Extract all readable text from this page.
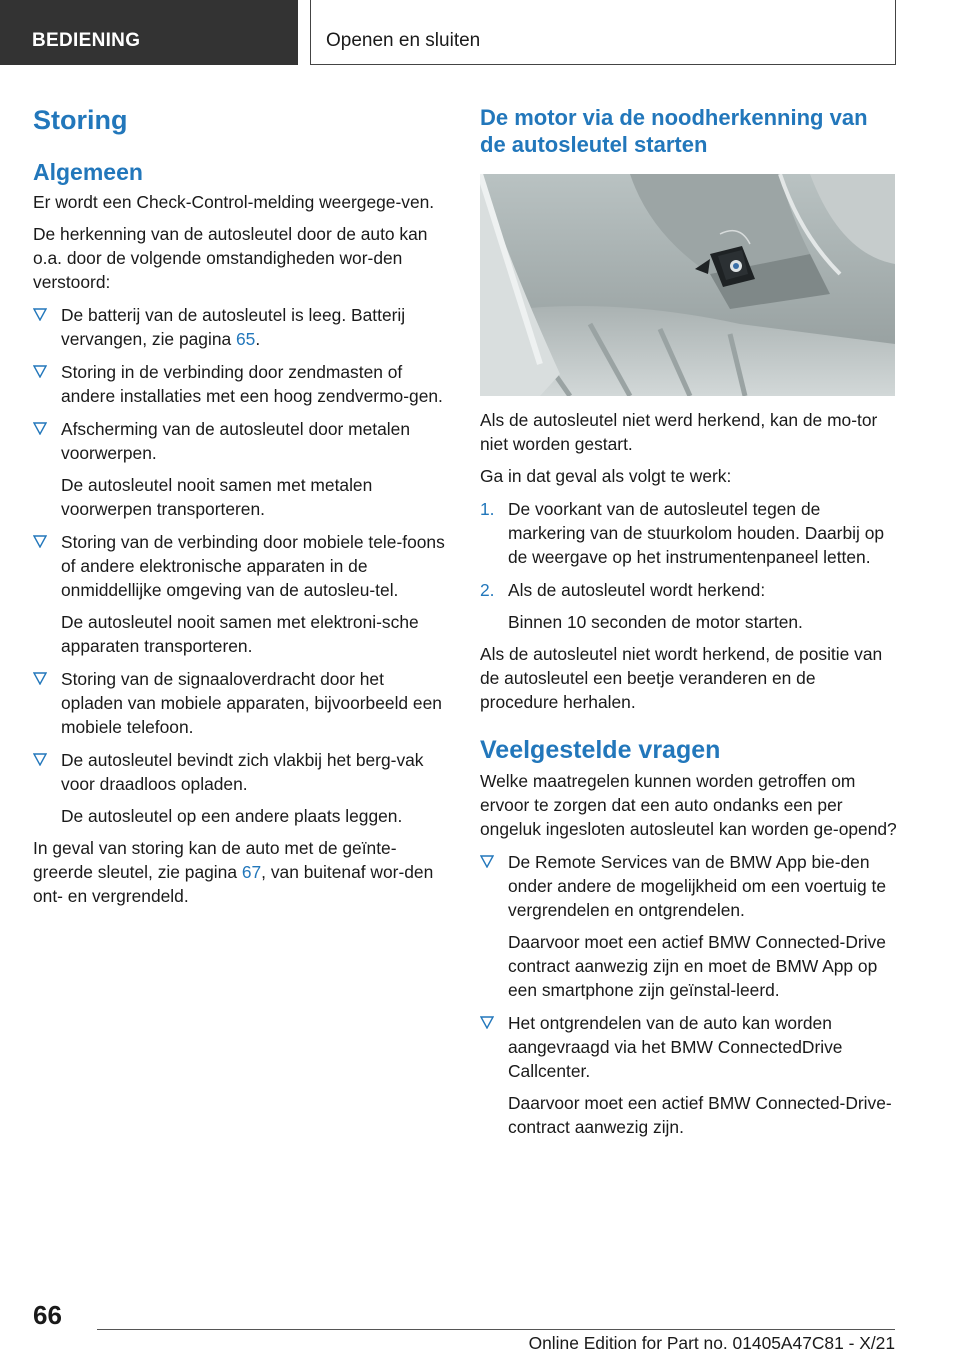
BEDIENING	Openen en sluiten
Storing
Algemeen

Er wordt een Check-Control-melding weergege-ven.

De herkenning van de autosleutel door de auto kan o.a. door de volgende omstandigheden wor-den verstoord:

De batterij van de autosleutel is leeg. Batterij vervangen, zie pagina 65.
Storing in de verbinding door zendmasten of andere installaties met een hoog zendvermo-gen.
Afscherming van de autosleutel door metalen voorwerpen.
De autosleutel nooit samen met metalen voorwerpen transporteren.
Storing van de verbinding door mobiele tele-foons of andere elektronische apparaten in de onmiddellijke omgeving van de autosleu-tel.
De autosleutel nooit samen met elektroni-sche apparaten transporteren.
Storing van de signaaloverdracht door het opladen van mobiele apparaten, bijvoorbeeld een mobiele telefoon.
De autosleutel bevindt zich vlakbij het berg-vak voor draadloos opladen.
De autosleutel op een andere plaats leggen.

In geval van storing kan de auto met de geïnte-greerde sleutel, zie pagina 67, van buitenaf wor-den ont- en vergrendeld.

De motor via de noodherkenning van de autosleutel starten

Als de autosleutel niet werd herkend, kan de mo-tor niet worden gestart.

Ga in dat geval als volgt te werk:

1. De voorkant van de autosleutel tegen de markering van de stuurkolom houden. Daarbij op de weergave op het instrumentenpaneel letten.
2. Als de autosleutel wordt herkend:
Binnen 10 seconden de motor starten.

Als de autosleutel niet wordt herkend, de positie van de autosleutel een beetje veranderen en de procedure herhalen.

Veelgestelde vragen

Welke maatregelen kunnen worden getroffen om ervoor te zorgen dat een auto ondanks een per ongeluk ingesloten autosleutel kan worden ge-opend?

De Remote Services van de BMW App bie-den onder andere de mogelijkheid om een voertuig te vergrendelen en ontgrendelen.
Daarvoor moet een actief BMW Connected-Drive contract aanwezig zijn en moet de BMW App op een smartphone zijn geïnstal-leerd.
Het ontgrendelen van de auto kan worden aangevraagd via het BMW ConnectedDrive Callcenter.
Daarvoor moet een actief BMW Connected-Drive-contract aanwezig zijn.
66
Online Edition for Part no. 01405A47C81 - X/21
